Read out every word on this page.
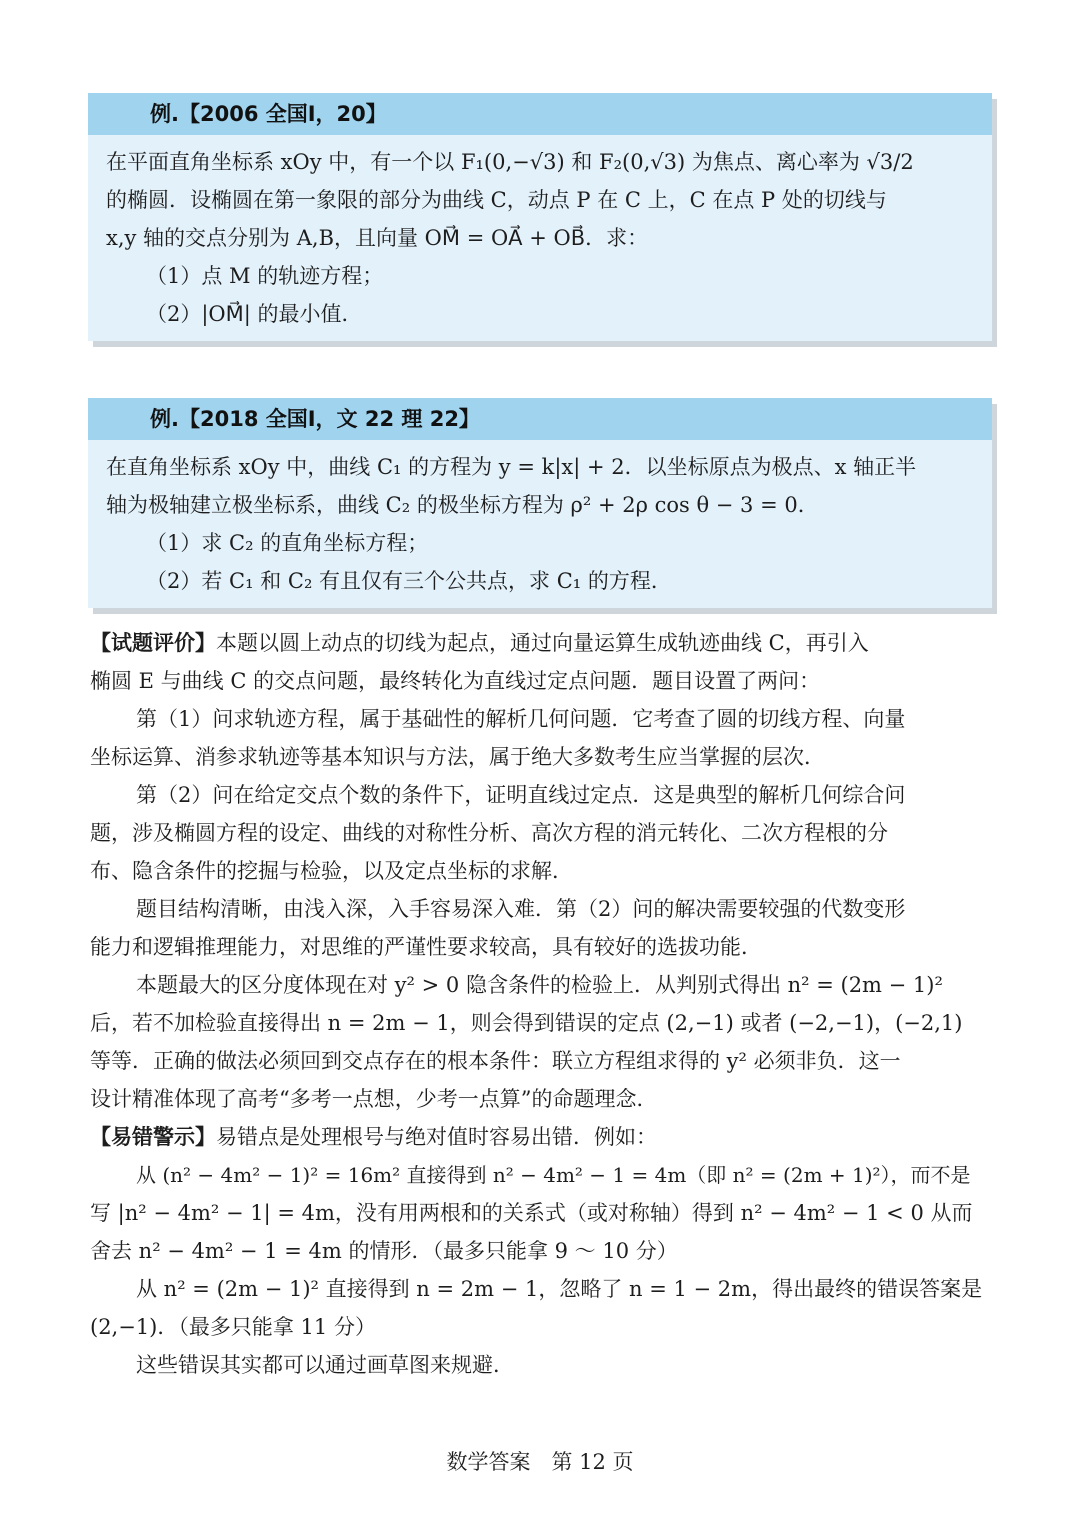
例.【2006 全国Ⅰ，20】
在平面直角坐标系 xOy 中，有一个以 F₁(0,−√3) 和 F₂(0,√3) 为焦点、离心率为 √3/2
的椭圆．设椭圆在第一象限的部分为曲线 C，动点 P 在 C 上，C 在点 P 处的切线与
x,y 轴的交点分别为 A,B，且向量 OM⃗ = OA⃗ + OB⃗．求：
（1）点 M 的轨迹方程；
（2）|OM⃗| 的最小值．
例.【2018 全国Ⅰ，文 22 理 22】
在直角坐标系 xOy 中，曲线 C₁ 的方程为 y = k|x| + 2．以坐标原点为极点、x 轴正半
轴为极轴建立极坐标系，曲线 C₂ 的极坐标方程为 ρ² + 2ρ cos θ − 3 = 0．
（1）求 C₂ 的直角坐标方程；
（2）若 C₁ 和 C₂ 有且仅有三个公共点，求 C₁ 的方程．
【试题评价】本题以圆上动点的切线为起点，通过向量运算生成轨迹曲线 C，再引入
椭圆 E 与曲线 C 的交点问题，最终转化为直线过定点问题．题目设置了两问：
第（1）问求轨迹方程，属于基础性的解析几何问题．它考查了圆的切线方程、向量
坐标运算、消参求轨迹等基本知识与方法，属于绝大多数考生应当掌握的层次．
第（2）问在给定交点个数的条件下，证明直线过定点．这是典型的解析几何综合问
题，涉及椭圆方程的设定、曲线的对称性分析、高次方程的消元转化、二次方程根的分
布、隐含条件的挖掘与检验，以及定点坐标的求解．
题目结构清晰，由浅入深，入手容易深入难．第（2）问的解决需要较强的代数变形
能力和逻辑推理能力，对思维的严谨性要求较高，具有较好的选拔功能．
本题最大的区分度体现在对 y² > 0 隐含条件的检验上．从判别式得出 n² = (2m − 1)²
后，若不加检验直接得出 n = 2m − 1，则会得到错误的定点 (2,−1) 或者 (−2,−1)，(−2,1)
等等．正确的做法必须回到交点存在的根本条件：联立方程组求得的 y² 必须非负．这一
设计精准体现了高考“多考一点想，少考一点算”的命题理念．
【易错警示】易错点是处理根号与绝对值时容易出错．例如：
从 (n² − 4m² − 1)² = 16m² 直接得到 n² − 4m² − 1 = 4m（即 n² = (2m + 1)²），而不是
写 |n² − 4m² − 1| = 4m，没有用两根和的关系式（或对称轴）得到 n² − 4m² − 1 < 0 从而
舍去 n² − 4m² − 1 = 4m 的情形．（最多只能拿 9 ～ 10 分）
从 n² = (2m − 1)² 直接得到 n = 2m − 1，忽略了 n = 1 − 2m，得出最终的错误答案是
(2,−1)．（最多只能拿 11 分）
这些错误其实都可以通过画草图来规避．
数学答案　第 12 页
